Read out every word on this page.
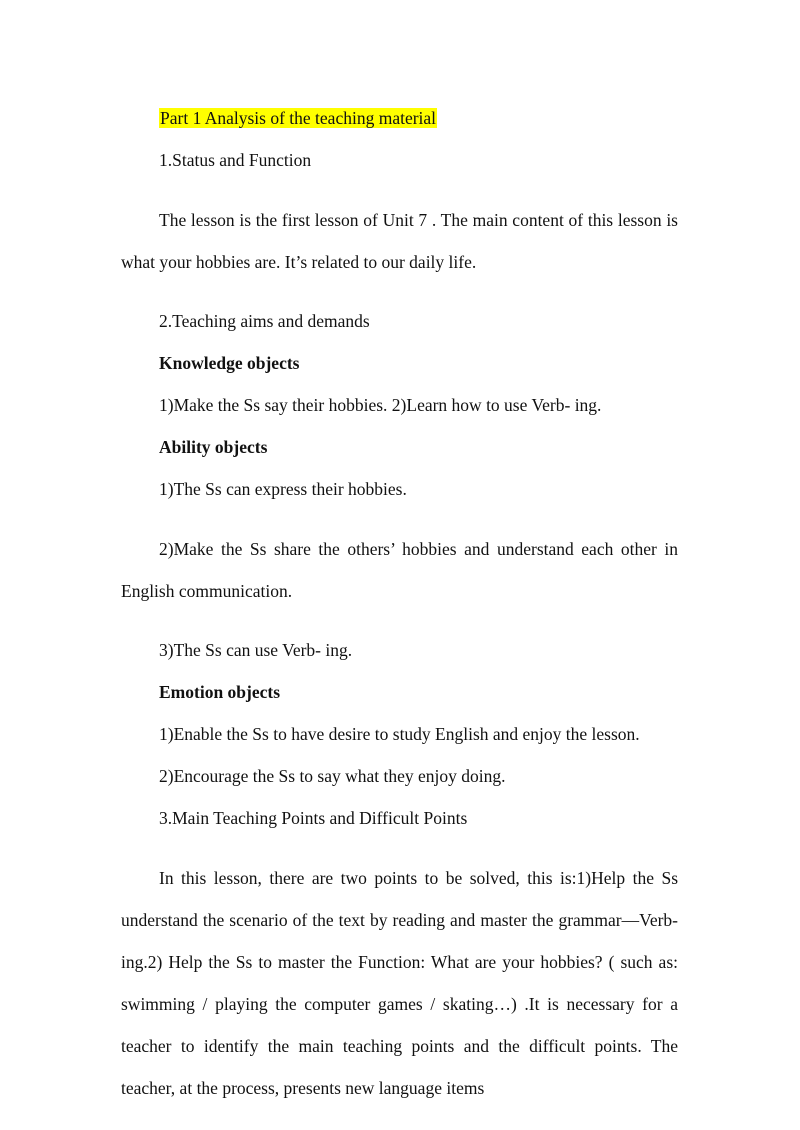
Part 1 Analysis of the teaching material

1.Status and Function

The lesson is the first lesson of Unit 7 . The main content of this lesson is what your hobbies are. It’s related to our daily life.

2.Teaching aims and demands

Knowledge objects

1)Make the Ss say their hobbies. 2)Learn how to use Verb- ing.

Ability objects

1)The Ss can express their hobbies.

2)Make the Ss share the others’ hobbies and understand each other in English communication.

3)The Ss can use Verb- ing.

Emotion objects

1)Enable the Ss to have desire to study English and enjoy the lesson.

2)Encourage the Ss to say what they enjoy doing.

3.Main Teaching Points and Difficult Points

In this lesson, there are two points to be solved, this is:1)Help the Ss understand the scenario of the text by reading and master the grammar—Verb- ing.2) Help the Ss to master the Function: What are your hobbies? ( such as: swimming / playing the computer games / skating…) .It is necessary for a teacher to identify the main teaching points and the difficult points. The teacher, at the process, presents new language items
